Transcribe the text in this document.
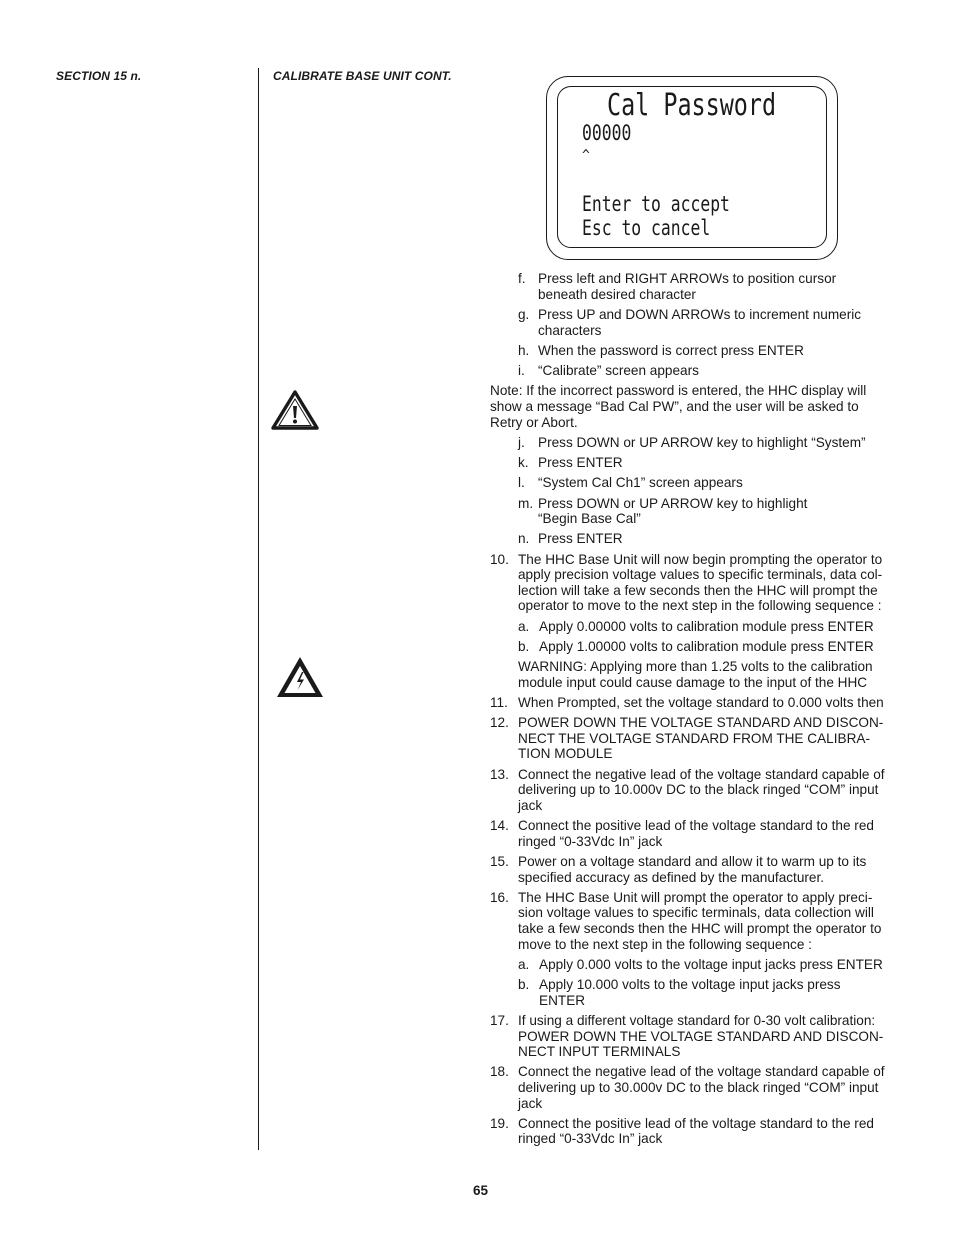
SECTION 15 n.	CALIBRATE BASE UNIT CONT.
Cal Password
00000
^
Enter to accept
Esc to cancel
f. Press left and RIGHT ARROWs to position cursor
beneath desired character
g. Press UP and DOWN ARROWs to increment numeric
characters
h. When the password is correct press ENTER
i. “Calibrate” screen appears
Note: If the incorrect password is entered, the HHC display will
show a message “Bad Cal PW”, and the user will be asked to
Retry or Abort.
j. Press DOWN or UP ARROW key to highlight “System”
k. Press ENTER
l. “System Cal Ch1” screen appears
m. Press DOWN or UP ARROW key to highlight
“Begin Base Cal”
n. Press ENTER
10. The HHC Base Unit will now begin prompting the operator to
apply precision voltage values to specific terminals, data col-
lection will take a few seconds then the HHC will prompt the
operator to move to the next step in the following sequence :
a. Apply 0.00000 volts to calibration module press ENTER
b. Apply 1.00000 volts to calibration module press ENTER
WARNING: Applying more than 1.25 volts to the calibration
module input could cause damage to the input of the HHC
11. When Prompted, set the voltage standard to 0.000 volts then
12. POWER DOWN THE VOLTAGE STANDARD AND DISCON-
NECT THE VOLTAGE STANDARD FROM THE CALIBRA-
TION MODULE
13. Connect the negative lead of the voltage standard capable of
delivering up to 10.000v DC to the black ringed “COM” input
jack
14. Connect the positive lead of the voltage standard to the red
ringed “0-33Vdc In” jack
15. Power on a voltage standard and allow it to warm up to its
specified accuracy as defined by the manufacturer.
16. The HHC Base Unit will prompt the operator to apply preci-
sion voltage values to specific terminals, data collection will
take a few seconds then the HHC will prompt the operator to
move to the next step in the following sequence :
a. Apply 0.000 volts to the voltage input jacks press ENTER
b. Apply 10.000 volts to the voltage input jacks press
ENTER
17. If using a different voltage standard for 0-30 volt calibration:
POWER DOWN THE VOLTAGE STANDARD AND DISCON-
NECT INPUT TERMINALS
18. Connect the negative lead of the voltage standard capable of
delivering up to 30.000v DC to the black ringed “COM” input
jack
19. Connect the positive lead of the voltage standard to the red
ringed “0-33Vdc In” jack
65
